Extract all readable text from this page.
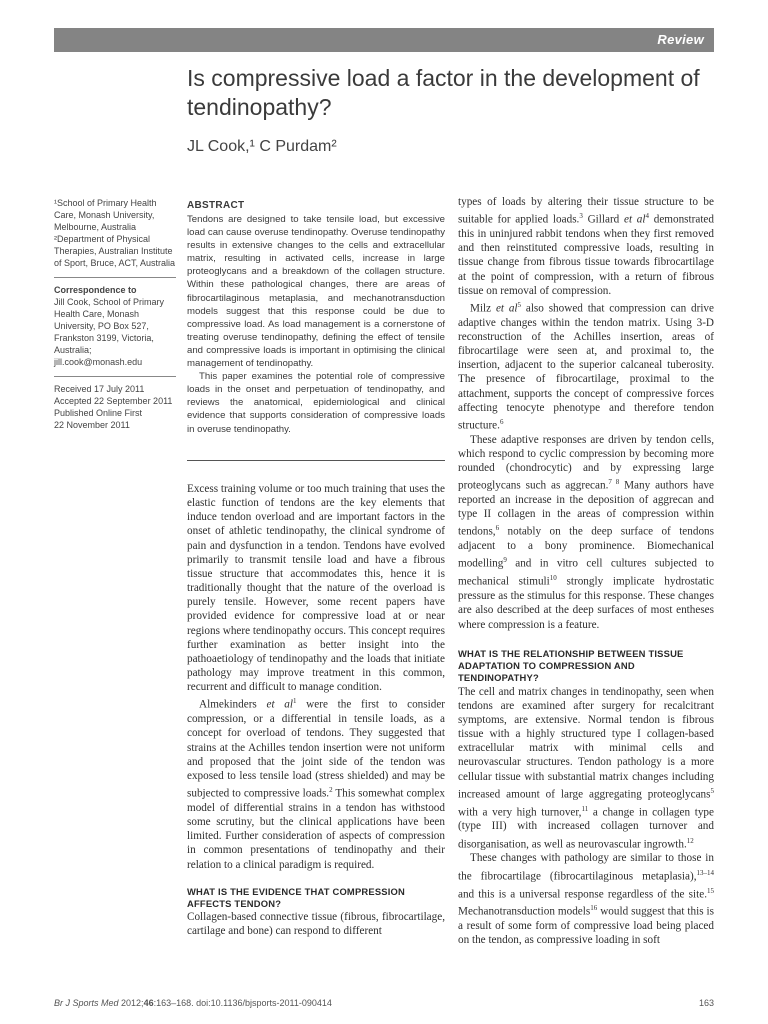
Review
Is compressive load a factor in the development of tendinopathy?
JL Cook,¹ C Purdam²

¹School of Primary Health Care, Monash University, Melbourne, Australia

²Department of Physical Therapies, Australian Institute of Sport, Bruce, ACT, Australia

Correspondence to

Jill Cook, School of Primary Health Care, Monash University, PO Box 527, Frankston 3199, Victoria, Australia; jill.cook@monash.edu

Received 17 July 2011
Accepted 22 September 2011
Published Online First
22 November 2011
ABSTRACT

Tendons are designed to take tensile load, but excessive load can cause overuse tendinopathy. Overuse tendinopathy results in extensive changes to the cells and extracellular matrix, resulting in activated cells, increase in large proteoglycans and a breakdown of the collagen structure. Within these pathological changes, there are areas of fibrocartilaginous metaplasia, and mechanotransduction models suggest that this response could be due to compressive load. As load management is a cornerstone of treating overuse tendinopathy, defining the effect of tensile and compressive loads is important in optimising the clinical management of tendinopathy.

This paper examines the potential role of compressive loads in the onset and perpetuation of tendinopathy, and reviews the anatomical, epidemiological and clinical evidence that supports consideration of compressive loads in overuse tendinopathy.

Excess training volume or too much training that uses the elastic function of tendons are the key elements that induce tendon overload and are important factors in the onset of athletic tendinopathy, the clinical syndrome of pain and dysfunction in a tendon. Tendons have evolved primarily to transmit tensile load and have a fibrous tissue structure that accommodates this, hence it is traditionally thought that the nature of the overload is purely tensile. However, some recent papers have provided evidence for compressive load at or near regions where tendinopathy occurs. This concept requires further examination as better insight into the pathoaetiology of tendinopathy and the loads that initiate pathology may improve treatment in this common, recurrent and difficult to manage condition.

Almekinders et al$^1$ were the first to consider compression, or a differential in tensile loads, as a concept for overload of tendons. They suggested that strains at the Achilles tendon insertion were not uniform and proposed that the joint side of the tendon was exposed to less tensile load (stress shielded) and may be subjected to compressive loads.$^2$ This somewhat complex model of differential strains in a tendon has withstood some scrutiny, but the clinical applications have been limited. Further consideration of aspects of compression in common presentations of tendinopathy and their relation to a clinical paradigm is required.

WHAT IS THE EVIDENCE THAT COMPRESSION AFFECTS TENDON?

Collagen-based connective tissue (fibrous, fibrocartilage, cartilage and bone) can respond to different

types of loads by altering their tissue structure to be suitable for applied loads.$^3$ Gillard et al$^4$ demonstrated this in uninjured rabbit tendons when they first removed and then reinstituted compressive loads, resulting in tissue change from fibrous tissue towards fibrocartilage at the point of compression, with a return of fibrous tissue on removal of compression.

Milz et al$^5$ also showed that compression can drive adaptive changes within the tendon matrix. Using 3-D reconstruction of the Achilles insertion, areas of fibrocartilage were seen at, and proximal to, the insertion, adjacent to the superior calcaneal tuberosity. The presence of fibrocartilage, proximal to the attachment, supports the concept of compressive forces affecting tenocyte phenotype and therefore tendon structure.$^6$

These adaptive responses are driven by tendon cells, which respond to cyclic compression by becoming more rounded (chondrocytic) and by expressing large proteoglycans such as aggrecan.$^{7 8}$ Many authors have reported an increase in the deposition of aggrecan and type II collagen in the areas of compression within tendons,$^6$ notably on the deep surface of tendons adjacent to a bony prominence. Biomechanical modelling$^9$ and in vitro cell cultures subjected to mechanical stimuli$^{10}$ strongly implicate hydrostatic pressure as the stimulus for this response. These changes are also described at the deep surfaces of most entheses where compression is a feature.

WHAT IS THE RELATIONSHIP BETWEEN TISSUE ADAPTATION TO COMPRESSION AND TENDINOPATHY?

The cell and matrix changes in tendinopathy, seen when tendons are examined after surgery for recalcitrant symptoms, are extensive. Normal tendon is fibrous tissue with a highly structured type I collagen-based extracellular matrix with minimal cells and neurovascular structures. Tendon pathology is a more cellular tissue with substantial matrix changes including increased amount of large aggregating proteoglycans$^5$ with a very high turnover,$^{11}$ a change in collagen type (type III) with increased collagen turnover and disorganisation, as well as neurovascular ingrowth.$^{12}$

These changes with pathology are similar to those in the fibrocartilage (fibrocartilaginous metaplasia),$^{13-14}$ and this is a universal response regardless of the site.$^{15}$ Mechanotransduction models$^{16}$ would suggest that this is a result of some form of compressive load being placed on the tendon, as compressive loading in soft

Br J Sports Med 2012;46:163–168. doi:10.1136/bjsports-2011-090414	163
